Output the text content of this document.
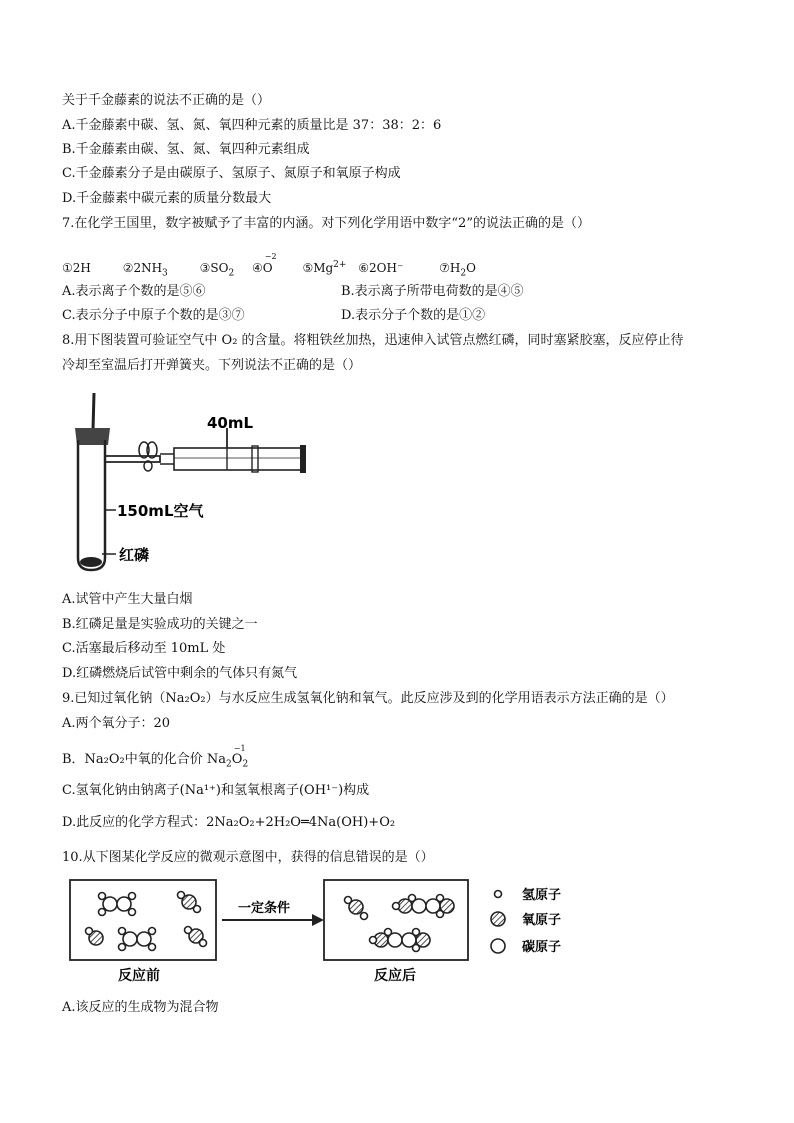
关于千金藤素的说法不正确的是（）
A.千金藤素中碳、氢、氮、氧四种元素的质量比是 37：38：2：6
B.千金藤素由碳、氢、氮、氧四种元素组成
C.千金藤素分子是由碳原子、氢原子、氮原子和氧原子构成
D.千金藤素中碳元素的质量分数最大
7.在化学王国里，数字被赋予了丰富的内涵。对下列化学用语中数字“2”的说法正确的是（）
①2H	$②2NH_3$	$③SO_2$ ④
−2
O $⑤Mg^{2+}$ ⑥2OH⁻	$⑦H_2O$
A.表示离子个数的是⑤⑥	B.表示离子所带电荷数的是④⑤
C.表示分子中原子个数的是③⑦	D.表示分子个数的是①②
8.用下图装置可验证空气中 O₂ 的含量。将粗铁丝加热，迅速伸入试管点燃红磷，同时塞紧胶塞，反应停止待
冷却至室温后打开弹簧夹。下列说法不正确的是（）
40mL
150mL空气
红磷
A.试管中产生大量白烟
B.红磷足量是实验成功的关键之一
C.活塞最后移动至 10mL 处
D.红磷燃烧后试管中剩余的气体只有氮气
9.已知过氧化钠（Na₂O₂）与水反应生成氢氧化钠和氧气。此反应涉及到的化学用语表示方法正确的是（）
A.两个氧分子：20
B．Na₂O₂中氧的化合价 $Na_2$
−1
$O_2$
C.氢氧化钠由钠离子(Na¹⁺)和氢氧根离子(OH¹⁻)构成
D.此反应的化学方程式：2Na₂O₂+2H₂O═4Na(OH)+O₂
10.从下图某化学反应的微观示意图中，获得的信息错误的是（）
反应前
一定条件
反应后
氢原子
氧原子
碳原子
A.该反应的生成物为混合物
